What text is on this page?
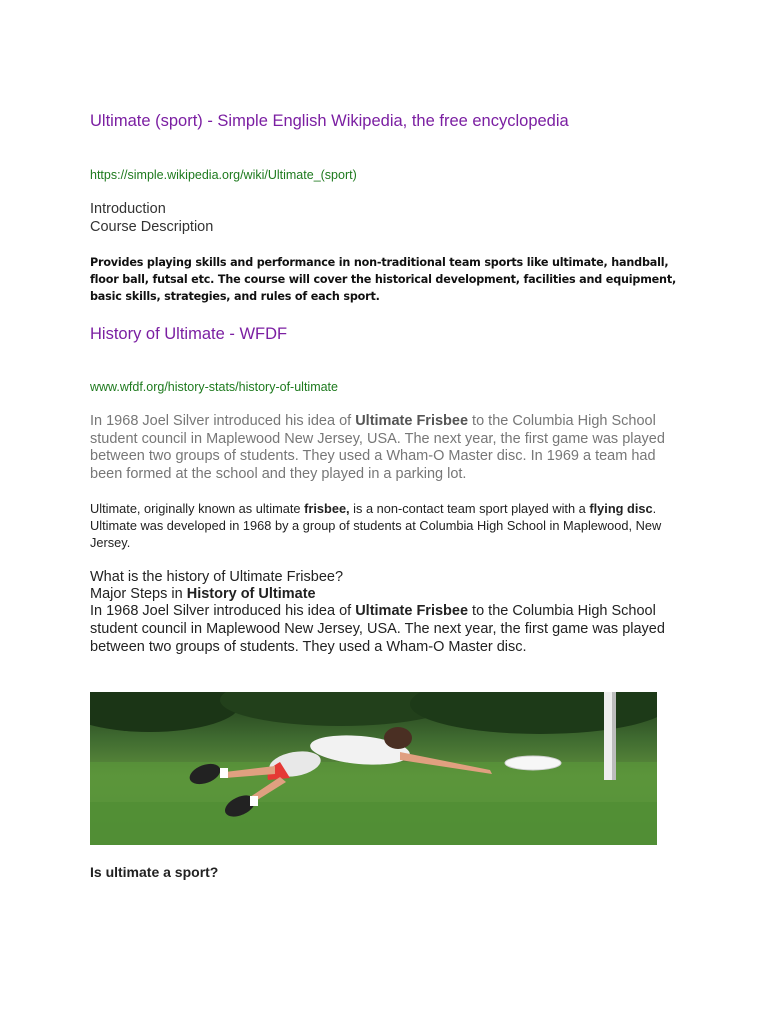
Ultimate (sport) - Simple English Wikipedia, the free encyclopedia
https://simple.wikipedia.org/wiki/Ultimate_(sport)
Introduction
Course Description
Provides playing skills and performance in non-traditional team sports like ultimate, handball, floor ball, futsal etc. The course will cover the historical development, facilities and equipment, basic skills, strategies, and rules of each sport.
History of Ultimate - WFDF
www.wfdf.org/history-stats/history-of-ultimate
In 1968 Joel Silver introduced his idea of Ultimate Frisbee to the Columbia High School student council in Maplewood New Jersey, USA. The next year, the first game was played between two groups of students. They used a Wham-O Master disc. In 1969 a team had been formed at the school and they played in a parking lot.
Ultimate, originally known as ultimate frisbee, is a non-contact team sport played with a flying disc. Ultimate was developed in 1968 by a group of students at Columbia High School in Maplewood, New Jersey.
What is the history of Ultimate Frisbee?
Major Steps in History of Ultimate
In 1968 Joel Silver introduced his idea of Ultimate Frisbee to the Columbia High School student council in Maplewood New Jersey, USA. The next year, the first game was played between two groups of students. They used a Wham-O Master disc.
Is ultimate a sport?
